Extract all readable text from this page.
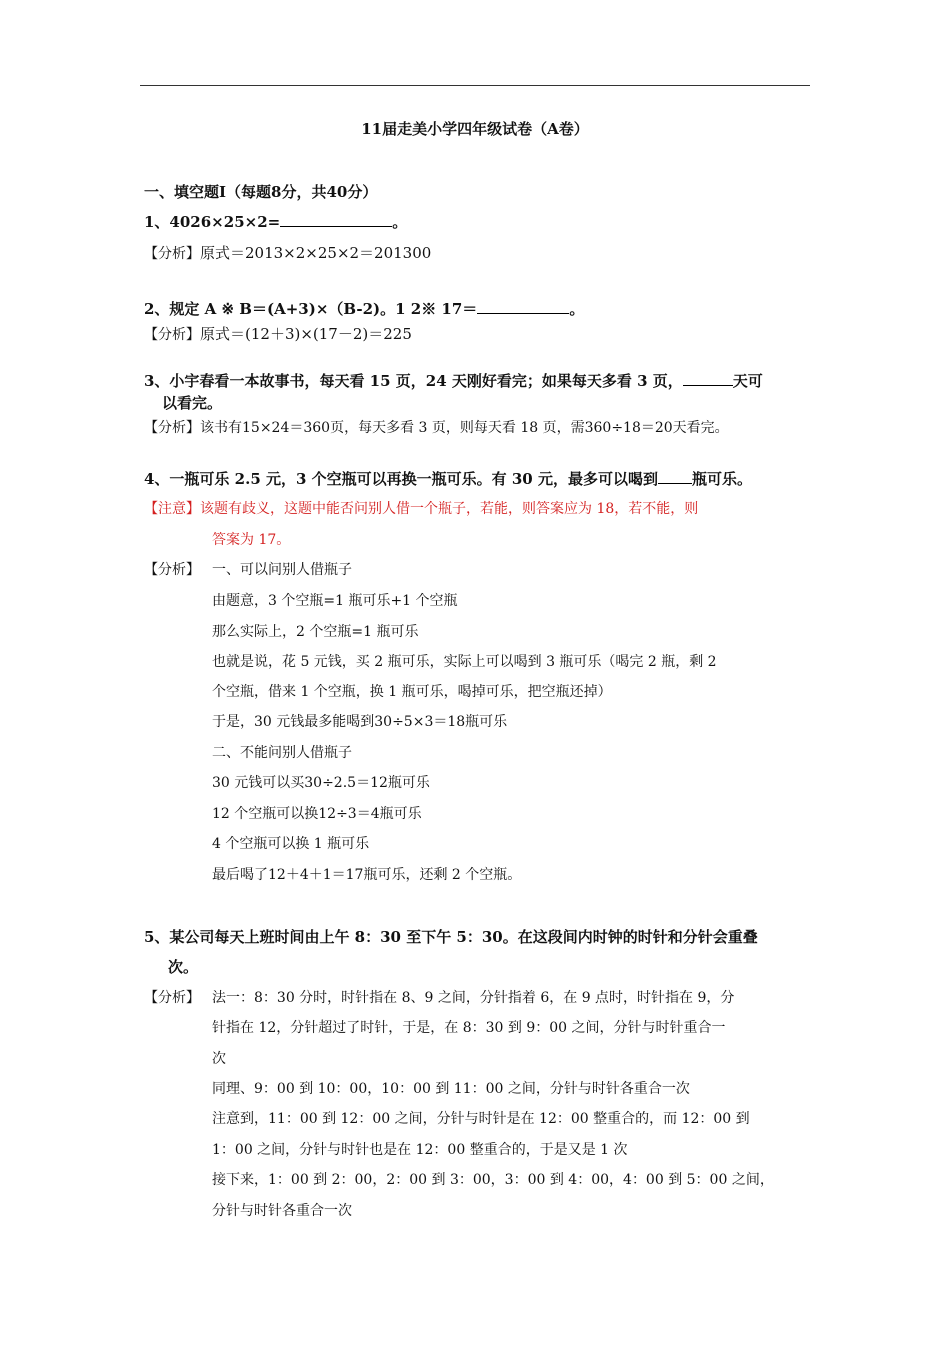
11届走美小学四年级试卷（A卷）
一、填空题Ⅰ（每题8分，共40分）
1、4026×25×2=	。
【分析】原式＝2013×2×25×2＝201300
2、规定 A ※ B＝(A+3)×（B-2)。1 2※ 17＝	。
【分析】原式＝(12＋3)×(17－2)＝225
3、小宇春看一本故事书，每天看 15 页，24 天刚好看完；如果每天多看 3 页，	天可
以看完。
【分析】该书有15×24＝360页，每天多看 3 页，则每天看 18 页，需360÷18＝20天看完。
4、一瓶可乐 2.5 元，3 个空瓶可以再换一瓶可乐。有 30 元，最多可以喝到 瓶可乐。
【注意】该题有歧义，这题中能否问别人借一个瓶子，若能，则答案应为 18，若不能，则
答案为 17。
【分析】 一、可以问别人借瓶子
由题意，3 个空瓶=1 瓶可乐+1 个空瓶
那么实际上，2 个空瓶=1 瓶可乐
也就是说，花 5 元钱，买 2 瓶可乐，实际上可以喝到 3 瓶可乐（喝完 2 瓶，剩 2
个空瓶，借来 1 个空瓶，换 1 瓶可乐，喝掉可乐，把空瓶还掉）
于是，30 元钱最多能喝到30÷5×3＝18瓶可乐
二、不能问别人借瓶子
30 元钱可以买30÷2.5＝12瓶可乐
12 个空瓶可以换12÷3＝4瓶可乐
4 个空瓶可以换 1 瓶可乐
最后喝了12＋4＋1＝17瓶可乐，还剩 2 个空瓶。
5、某公司每天上班时间由上午 8：30 至下午 5：30。在这段间内时钟的时针和分针会重叠
次。
【分析】 法一：8：30 分时，时针指在 8、9 之间，分针指着 6，在 9 点时，时针指在 9，分
针指在 12，分针超过了时针，于是，在 8：30 到 9：00 之间，分针与时针重合一
次
同理、9：00 到 10：00，10：00 到 11：00 之间，分针与时针各重合一次
注意到，11：00 到 12：00 之间，分针与时针是在 12：00 整重合的，而 12：00 到
1：00 之间，分针与时针也是在 12：00 整重合的，于是又是 1 次
接下来，1：00 到 2：00，2：00 到 3：00，3：00 到 4：00，4：00 到 5：00 之间，
分针与时针各重合一次
